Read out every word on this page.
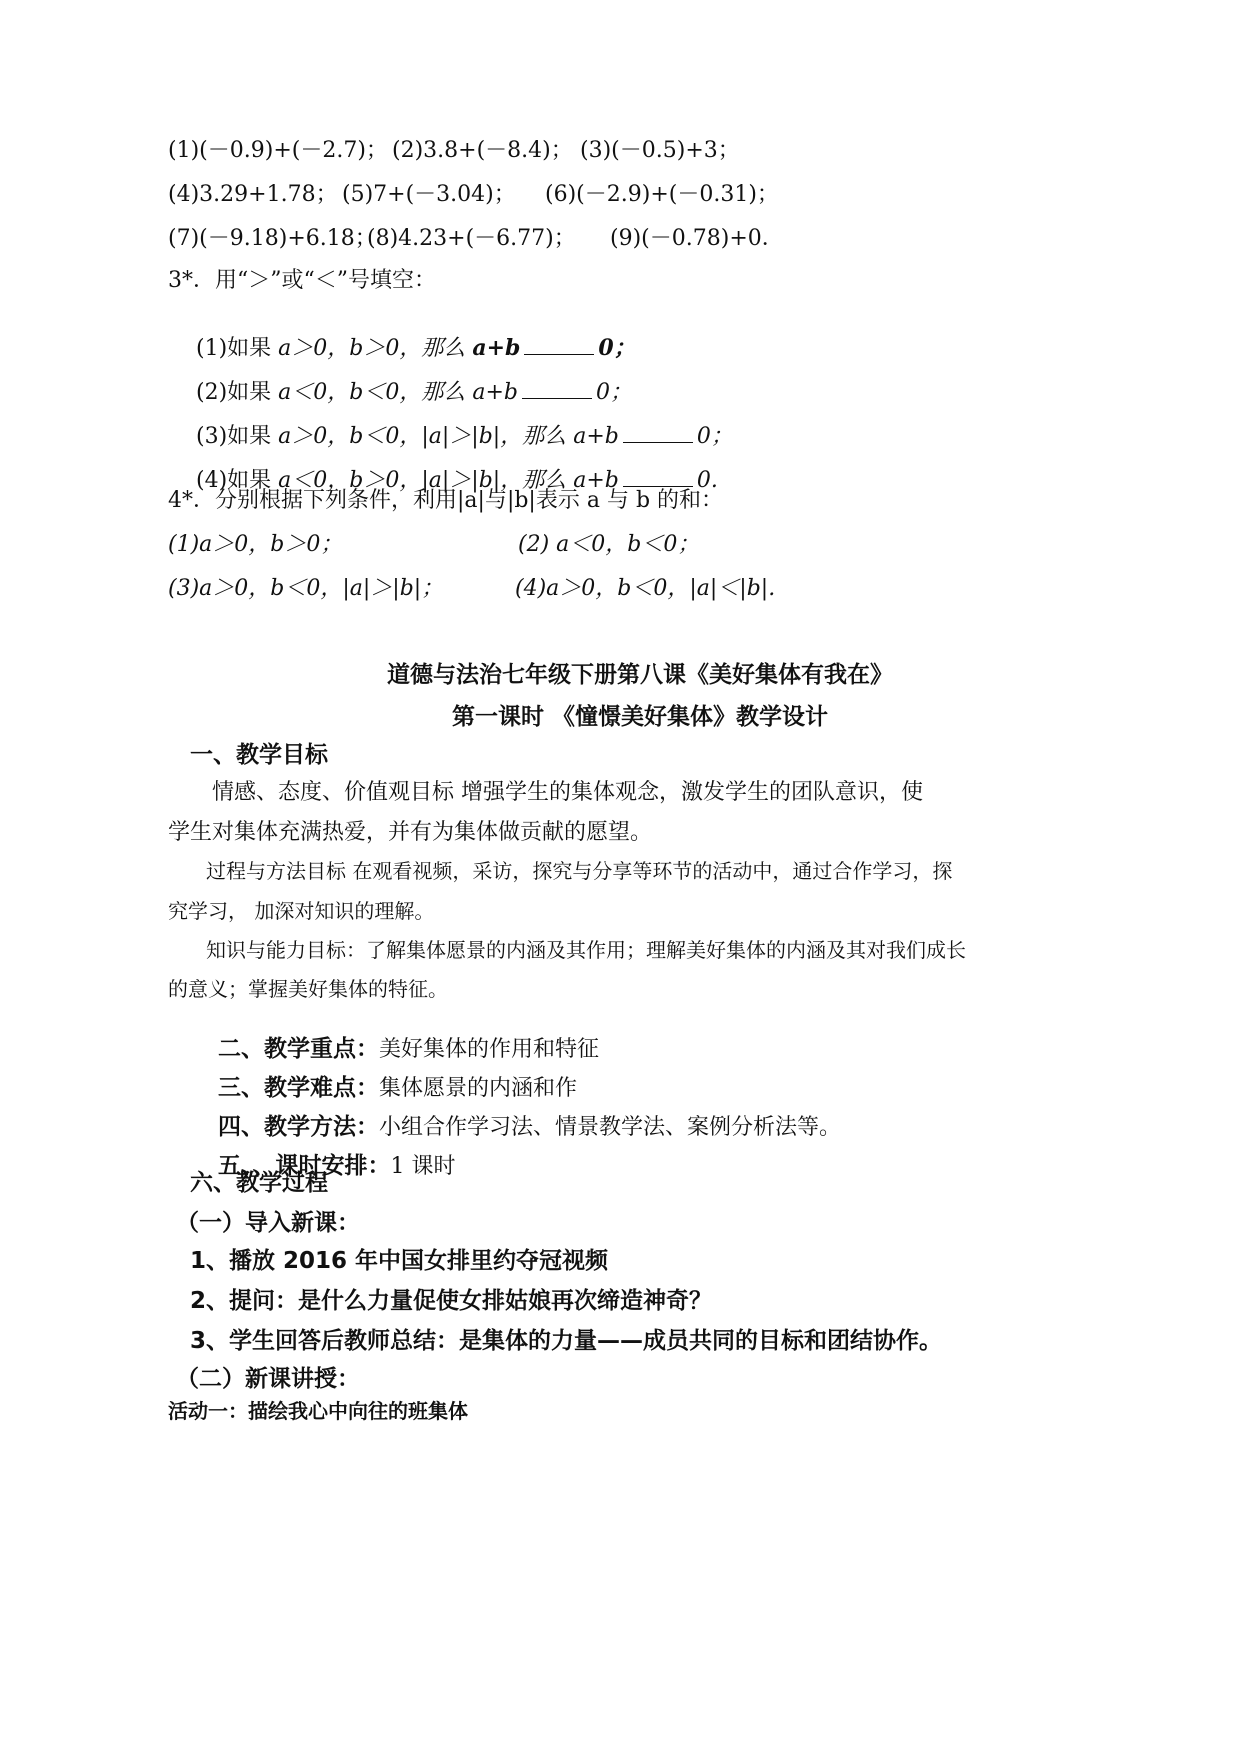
(1)(－0.9)+(－2.7)； (2)3.8+(－8.4)； (3)(－0.5)+3；
(4)3.29+1.78； (5)7+(－3.04)； (6)(－2.9)+(－0.31)；
(7)(－9.18)+6.18；
(8)4.23+(－6.77)； (9)(－0.78)+0．
3*．用“＞”或“＜”号填空：

(1)如果 a＞0，b＞0，那么 a+b	0；

(2)如果 a＜0，b＜0，那么 a+b	0；

(3)如果 a＞0，b＜0，|a|＞|b|，那么 a+b	0；

(4)如果 a＜0，b＞0，|a|＞|b|，那么 a+b	0.

4*．分别根据下列条件，利用|a|与|b|表示 a 与 b 的和：
(1)a＞0，b＞0；	(2) a＜0，b＜0；
(3)a＞0，b＜0，|a|＞|b|；	(4)a＞0，b＜0，|a|＜|b|.
道德与法治七年级下册第八课《美好集体有我在》
第一课时 《憧憬美好集体》教学设计
一、教学目标
情感、态度、价值观目标 增强学生的集体观念，激发学生的团队意识，使
学生对集体充满热爱，并有为集体做贡献的愿望。
过程与方法目标 在观看视频，采访，探究与分享等环节的活动中，通过合作学习，探
究学习， 加深对知识的理解。
知识与能力目标：了解集体愿景的内涵及其作用；理解美好集体的内涵及其对我们成长
的意义；掌握美好集体的特征。

二、教学重点：美好集体的作用和特征

三、教学难点：集体愿景的内涵和作

四、教学方法：小组合作学习法、情景教学法、案例分析法等。

五、、课时安排：1 课时

六、教学过程
（一）导入新课：
1、播放 2016 年中国女排里约夺冠视频
2、提问：是什么力量促使女排姑娘再次缔造神奇？
3、学生回答后教师总结：是集体的力量——成员共同的目标和团结协作。
（二）新课讲授：
活动一：描绘我心中向往的班集体
